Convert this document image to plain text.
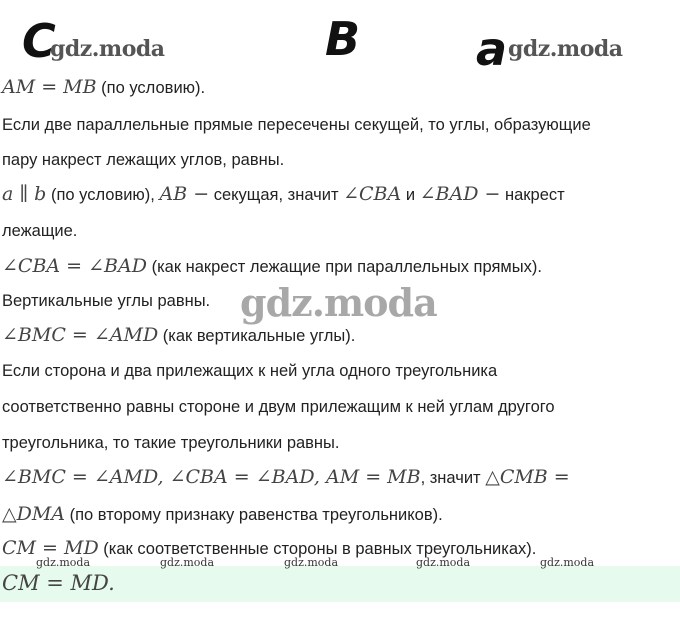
C
gdz.moda	B	a gdz.moda
AM = MB (по условию).
Если две параллельные прямые пересечены секущей, то углы, образующие
пару накрест лежащих углов, равны.
a ∥ b (по условию), AB − секущая, значит ∠CBA и ∠BAD − накрест
лежащие.
∠CBA = ∠BAD (как накрест лежащие при параллельных прямых).
Вертикальные углы равны. gdz.moda
∠BMC = ∠AMD (как вертикальные углы).
Если сторона и два прилежащих к ней угла одного треугольника
соответственно равны стороне и двум прилежащим к ней углам другого
треугольника, то такие треугольники равны.
∠BMC = ∠AMD, ∠CBA = ∠BAD, AM = MB, значит △CMB =
△DMA (по второму признаку равенства треугольников).
CM = MD (как соответственные стороны в равных треугольниках).
gdz.moda	gdz.moda	gdz.moda	gdz.moda	gdz.moda
CM = MD.
